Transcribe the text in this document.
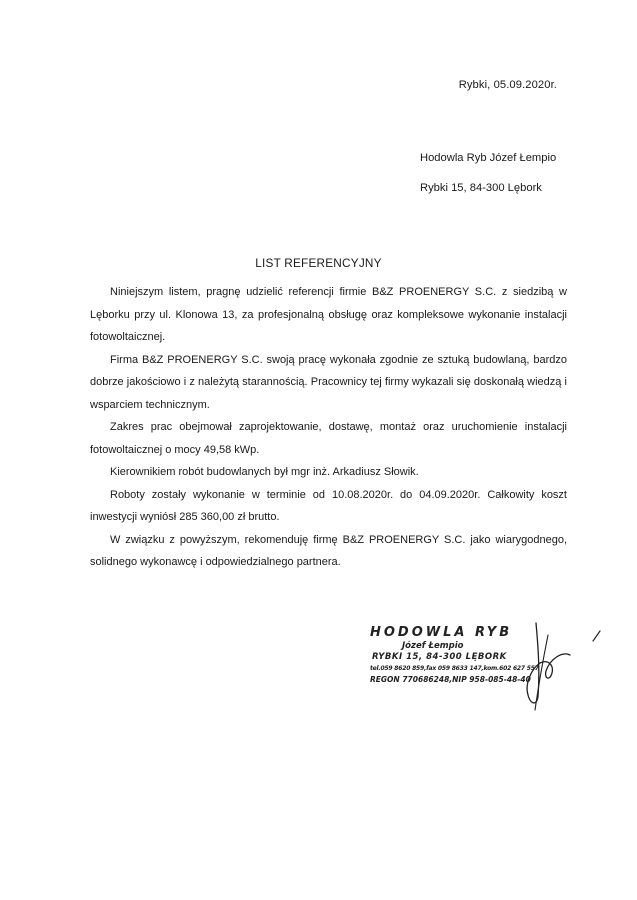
Rybki, 05.09.2020r.
Hodowla Ryb Józef Łempio
Rybki 15, 84-300 Lębork
LIST REFERENCYJNY

Niniejszym listem, pragnę udzielić referencji firmie B&Z PROENERGY S.C. z siedzibą w Lęborku przy ul. Klonowa 13, za profesjonalną obsługę oraz kompleksowe wykonanie instalacji fotowoltaicznej.

Firma B&Z PROENERGY S.C. swoją pracę wykonała zgodnie ze sztuką budowlaną, bardzo dobrze jakościowo i z należytą starannością. Pracownicy tej firmy wykazali się doskonałą wiedzą i wsparciem technicznym.

Zakres prac obejmował zaprojektowanie, dostawę, montaż oraz uruchomienie instalacji fotowoltaicznej o mocy 49,58 kWp.

Kierownikiem robót budowlanych był mgr inż. Arkadiusz Słowik.

Roboty zostały wykonanie w terminie od 10.08.2020r. do 04.09.2020r. Całkowity koszt inwestycji wyniósł 285 360,00 zł brutto.

W związku z powyższym, rekomenduję firmę B&Z PROENERGY S.C. jako wiarygodnego, solidnego wykonawcę i odpowiedzialnego partnera.

HODOWLA RYB
Józef Łempio
RYBKI 15, 84-300 LĘBORK
tel.059 8620 859,fax 059 8633 147,kom.602 627 557
REGON 770686248,NIP 958-085-48-40
